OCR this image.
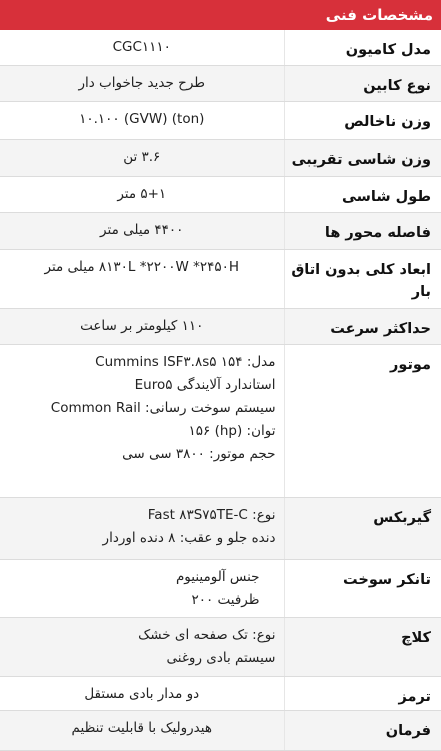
مشخصات فنی
مدل کامیون	CGC۱۱۱۰

نوع کابین	طرح جدید جاخواب دار

وزن ناخالص	(ton) (GVW) ۱۰.۱۰۰

وزن شاسی تقریبی	۳.۶ تن

طول شاسی	۵+۱ متر

فاصله محور ها	۴۴۰۰ میلی متر

ابعاد کلی بدون اتاق بار	۸۱۳۰L *۲۲۰۰W *۲۴۵۰H میلی متر

حداکثر سرعت	۱۱۰ کیلومتر بر ساعت

موتور	مدل: Cummins ISF۳.۸s۵ ۱۵۴
استاندارد آلایندگی Euro۵
سیستم سوخت رسانی: Common Rail
توان: (hp) ۱۵۶
حجم موتور: ۳۸۰۰ سی سی

گیربکس	نوع: Fast ۸۳S۷۵TE-C
دنده جلو و عقب: ۸ دنده اوردار

تانکر سوخت	جنس آلومینیوم
ظرفیت ۲۰۰

کلاچ	نوع: تک صفحه ای خشک
سیستم بادی روغنی

ترمز	دو مدار بادی مستقل

فرمان	هیدرولیک با قابلیت تنظیم
